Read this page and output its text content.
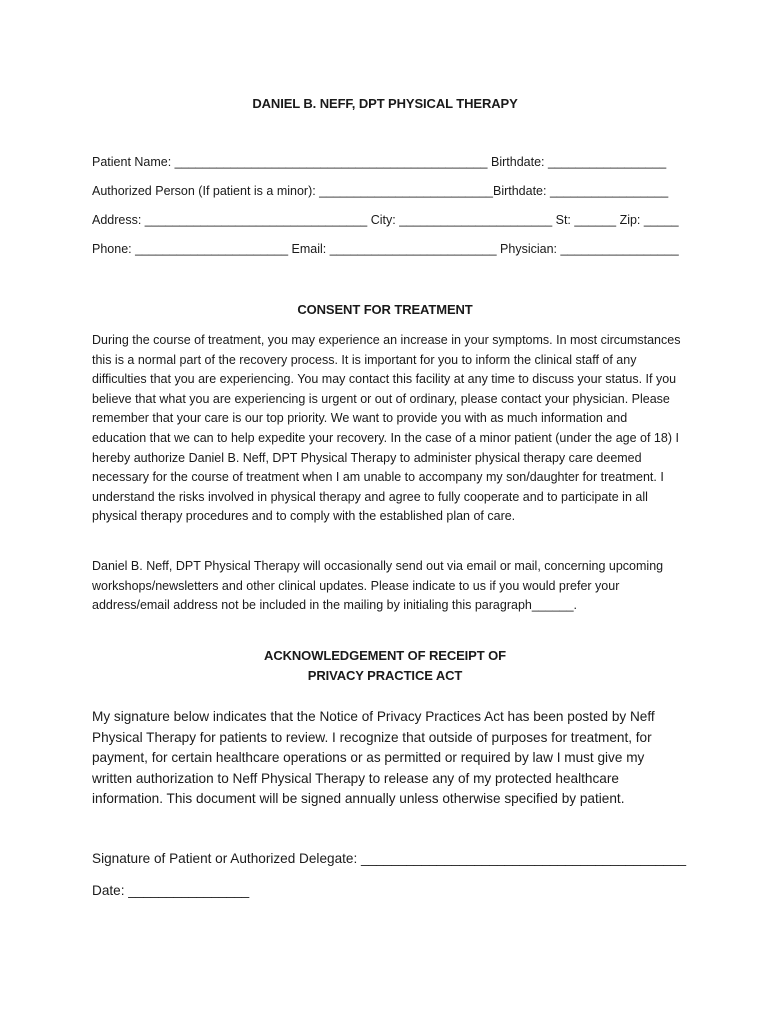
DANIEL B. NEFF, DPT PHYSICAL THERAPY
Patient Name: _____________________________________________ Birthdate: _________________
Authorized Person (If patient is a minor): _________________________Birthdate: _________________
Address: ________________________________ City: ______________________ St: ______ Zip: _____
Phone: ______________________ Email: ________________________ Physician: _________________
CONSENT FOR TREATMENT

During the course of treatment, you may experience an increase in your symptoms. In most circumstances this is a normal part of the recovery process. It is important for you to inform the clinical staff of any difficulties that you are experiencing. You may contact this facility at any time to discuss your status. If you believe that what you are experiencing is urgent or out of ordinary, please contact your physician. Please remember that your care is our top priority. We want to provide you with as much information and education that we can to help expedite your recovery. In the case of a minor patient (under the age of 18) I hereby authorize Daniel B. Neff, DPT Physical Therapy to administer physical therapy care deemed necessary for the course of treatment when I am unable to accompany my son/daughter for treatment. I understand the risks involved in physical therapy and agree to fully cooperate and to participate in all physical therapy procedures and to comply with the established plan of care.

Daniel B. Neff, DPT Physical Therapy will occasionally send out via email or mail, concerning upcoming workshops/newsletters and other clinical updates. Please indicate to us if you would prefer your address/email address not be included in the mailing by initialing this paragraph______.

ACKNOWLEDGEMENT OF RECEIPT OF
PRIVACY PRACTICE ACT

My signature below indicates that the Notice of Privacy Practices Act has been posted by Neff Physical Therapy for patients to review. I recognize that outside of purposes for treatment, for payment, for certain healthcare operations or as permitted or required by law I must give my written authorization to Neff Physical Therapy to release any of my protected healthcare information. This document will be signed annually unless otherwise specified by patient.

Signature of Patient or Authorized Delegate: ___________________________________________
Date: ________________
